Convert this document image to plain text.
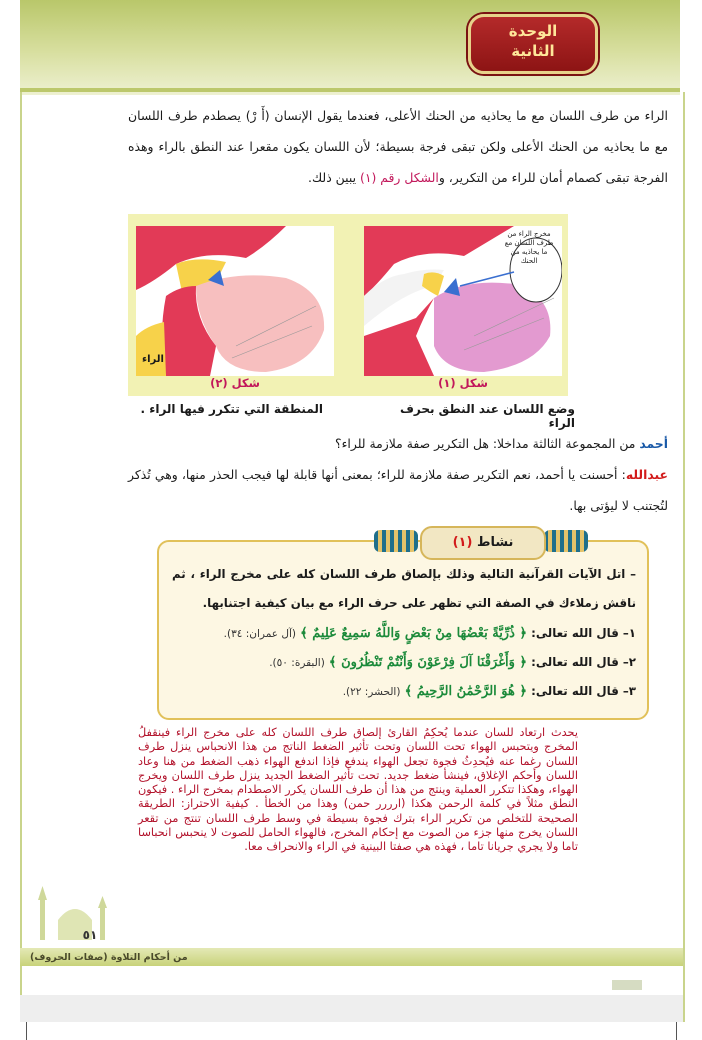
الوحدة
الثانية

الراء من طرف اللسان مع ما يحاذيه من الحنك الأعلى، فعندما يقول الإنسان (أَ رْ) يصطدم طرف اللسان مع ما يحاذيه من الحنك الأعلى ولكن تبقى فرجة بسيطة؛ لأن اللسان يكون مقعرا عند النطق بالراء وهذه الفرجة تبقى كصمام أمان للراء من التكرير، والشكل رقم (١) يبين ذلك.

مخرج الراء من طرف اللسان مع ما يحاذيه من الحنك
الراء
شكل (١)
شكل (٢)
وضع اللسان عند النطق بحرف الراء
المنطقة التي تتكرر فيها الراء .

أحمد من المجموعة الثالثة مداخلا: هل التكرير صفة ملازمة للراء؟
عبدالله: أحسنت يا أحمد، نعم التكرير صفة ملازمة للراء؛ بمعنى أنها قابلة لها فيجب الحذر منها، وهي تُذكر لتُجتنب لا ليؤتى بها.

نشاط (١)

– اتل الآيات القرآنية التالية وذلك بإلصاق طرف اللسان كله على مخرج الراء ، ثم ناقش زملاءك في الصفة التي تظهر على حرف الراء مع بيان كيفية اجتنابها.

١– قال الله تعالى: ﴿ ذُرِّيَّةً بَعْضُهَا مِنْ بَعْضٍ وَاللَّهُ سَمِيعٌ عَلِيمٌ ﴾ (آل عمران: ٣٤).
٢– قال الله تعالى: ﴿ وَأَغْرَقْنَا آلَ فِرْعَوْنَ وَأَنْتُمْ تَنْظُرُونَ ﴾ (البقرة: ٥٠).
٣– قال الله تعالى: ﴿ هُوَ الرَّحْمَٰنُ الرَّحِيمُ ﴾ (الحشر: ٢٢).

يحدث ارتعاد للسان عندما يُحكِمُ القارئ إلصاق طرف اللسان كله على مخرج الراء فينقفلُ المخرج ويتحبس الهواء تحت اللسان وتحت تأثير الضغط الناتج من هذا الانحباس ينزل طرف اللسان رغما عنه فيُحدِثُ فجوة تجعل الهواء يندفع فإذا اندفع الهواء ذهب الضغط من هنا وعاد اللسان وأحكم الإغلاق، فينشأ ضغط جديد. تحت تأثير الضغط الجديد ينزل طرف اللسان ويخرج الهواء، وهكذا تتكرر العملية وينتج من هذا أن طرف اللسان يكرر الاصطدام بمخرج الراء . فيكون النطق مثلاً في كلمة الرحمن هكذا (ارررر حمن) وهذا من الخطأ . كيفية الاحتراز: الطريقة الصحيحة للتخلص من تكرير الراء بترك فجوة بسيطة في وسط طرف اللسان تنتج من تقعر اللسان يخرج منها جزء من الصوت مع إحكام المخرج، فالهواء الحامل للصوت لا ينحبس انحباسا تاما ولا يجري جريانا تاما ، فهذه هي صفتا البينية في الراء والانحراف معا.

٥١
من أحكام التلاوة (صفات الحروف)
